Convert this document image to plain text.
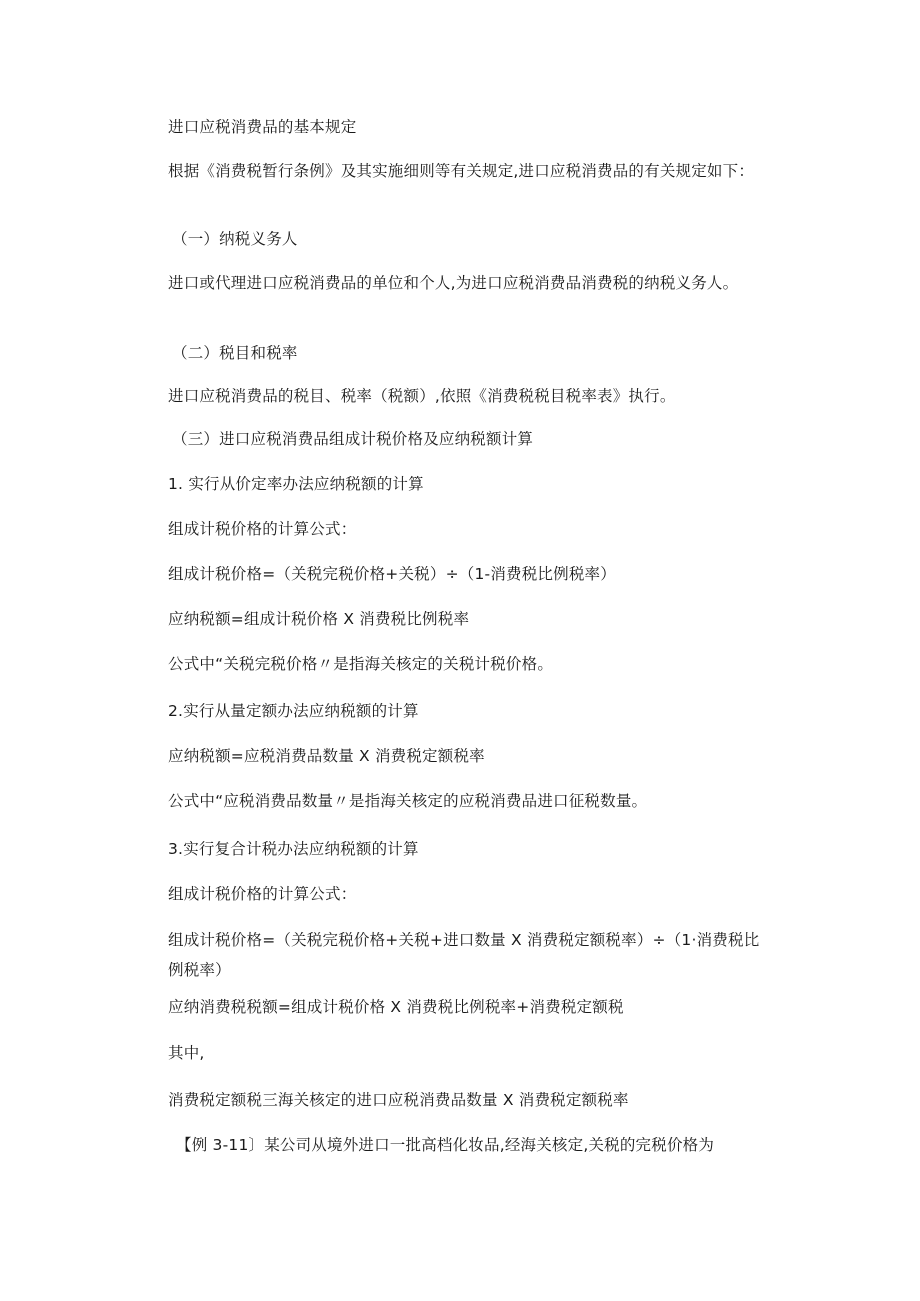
进口应税消费品的基本规定
根据《消费税暂行条例》及其实施细则等有关规定,进口应税消费品的有关规定如下：
（一）纳税义务人
进口或代理进口应税消费品的单位和个人,为进口应税消费品消费税的纳税义务人。
（二）税目和税率
进口应税消费品的税目、税率（税额）,依照《消费税税目税率表》执行。
（三）进口应税消费品组成计税价格及应纳税额计算
1. 实行从价定率办法应纳税额的计算
组成计税价格的计算公式：
组成计税价格=（关税完税价格+关税）÷（1-消费税比例税率）
应纳税额=组成计税价格 X 消费税比例税率
公式中“关税完税价格〃是指海关核定的关税计税价格。
2.实行从量定额办法应纳税额的计算
应纳税额=应税消费品数量 X 消费税定额税率
公式中“应税消费品数量〃是指海关核定的应税消费品进口征税数量。
3.实行复合计税办法应纳税额的计算
组成计税价格的计算公式：
组成计税价格=（关税完税价格+关税+进口数量 X 消费税定额税率）÷（1·消费税比例税率）
应纳消费税税额=组成计税价格 X 消费税比例税率+消费税定额税
其中,
消费税定额税三海关核定的进口应税消费品数量 X 消费税定额税率
【例 3-11〕某公司从境外进口一批高档化妆品,经海关核定,关税的完税价格为
